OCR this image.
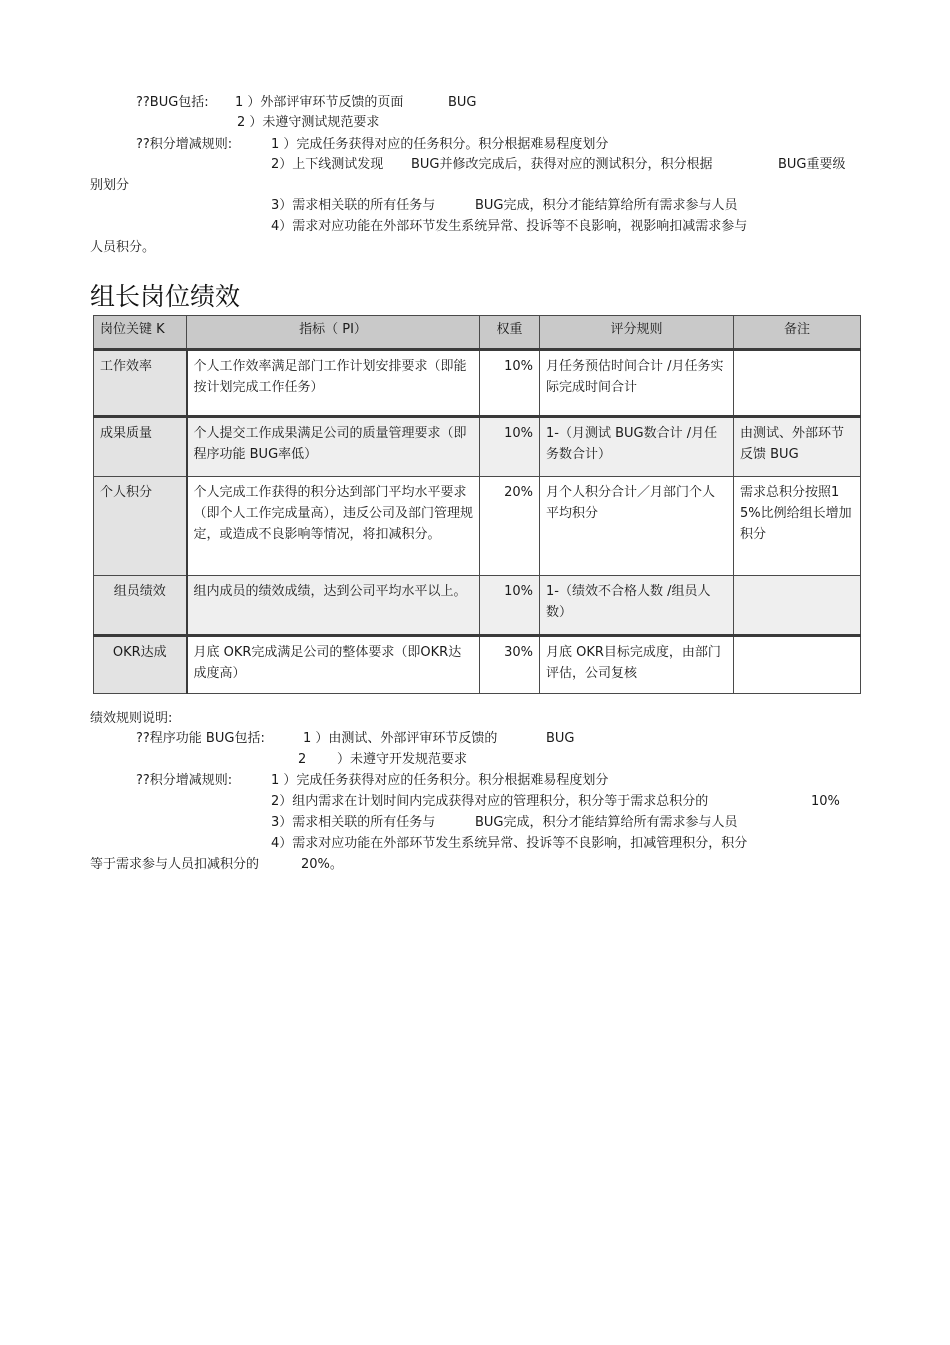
??BUG包括: 1 ）外部评审环节反馈的页面	BUG
2 ）未遵守测试规范要求
??积分增减规则:	1 ）完成任务获得对应的任务积分。积分根据难易程度划分
2）上下线测试发现 BUG并修改完成后，获得对应的测试积分，积分根据	BUG重要级
别划分
3）需求相关联的所有任务与	BUG完成，积分才能结算给所有需求参与人员
4）需求对应功能在外部环节发生系统异常、投诉等不良影响，视影响扣减需求参与
人员积分。
组长岗位绩效
岗位关键 K	指标（ PI）	权重	评分规则	备注
工作效率	个人工作效率满足部门工作计划安排要求（即能按计划完成工作任务）	10%	月任务预估时间合计 /月任务实际完成时间合计	
成果质量	个人提交工作成果满足公司的质量管理要求（即程序功能 BUG率低）	10%	1-（月测试 BUG数合计 /月任务数合计）	由测试、外部环节反馈 BUG
个人积分	个人完成工作获得的积分达到部门平均水平要求（即个人工作完成量高），违反公司及部门管理规定，或造成不良影响等情况，将扣减积分。	20%	月个人积分合计／月部门个人平均积分	需求总积分按照15%比例给组长增加积分
组员绩效	组内成员的绩效成绩，达到公司平均水平以上。	10%	1-（绩效不合格人数 /组员人数）	
OKR达成	月底 OKR完成满足公司的整体要求（即OKR达成度高）	30%	月底 OKR目标完成度，由部门评估，公司复核	
绩效规则说明:
??程序功能 BUG包括:	1 ）由测试、外部评审环节反馈的	BUG
2 ）未遵守开发规范要求
??积分增减规则:	1 ）完成任务获得对应的任务积分。积分根据难易程度划分
2）组内需求在计划时间内完成获得对应的管理积分，积分等于需求总积分的	10%
3）需求相关联的所有任务与	BUG完成，积分才能结算给所有需求参与人员
4）需求对应功能在外部环节发生系统异常、投诉等不良影响，扣减管理积分，积分
等于需求参与人员扣减积分的	20%。
